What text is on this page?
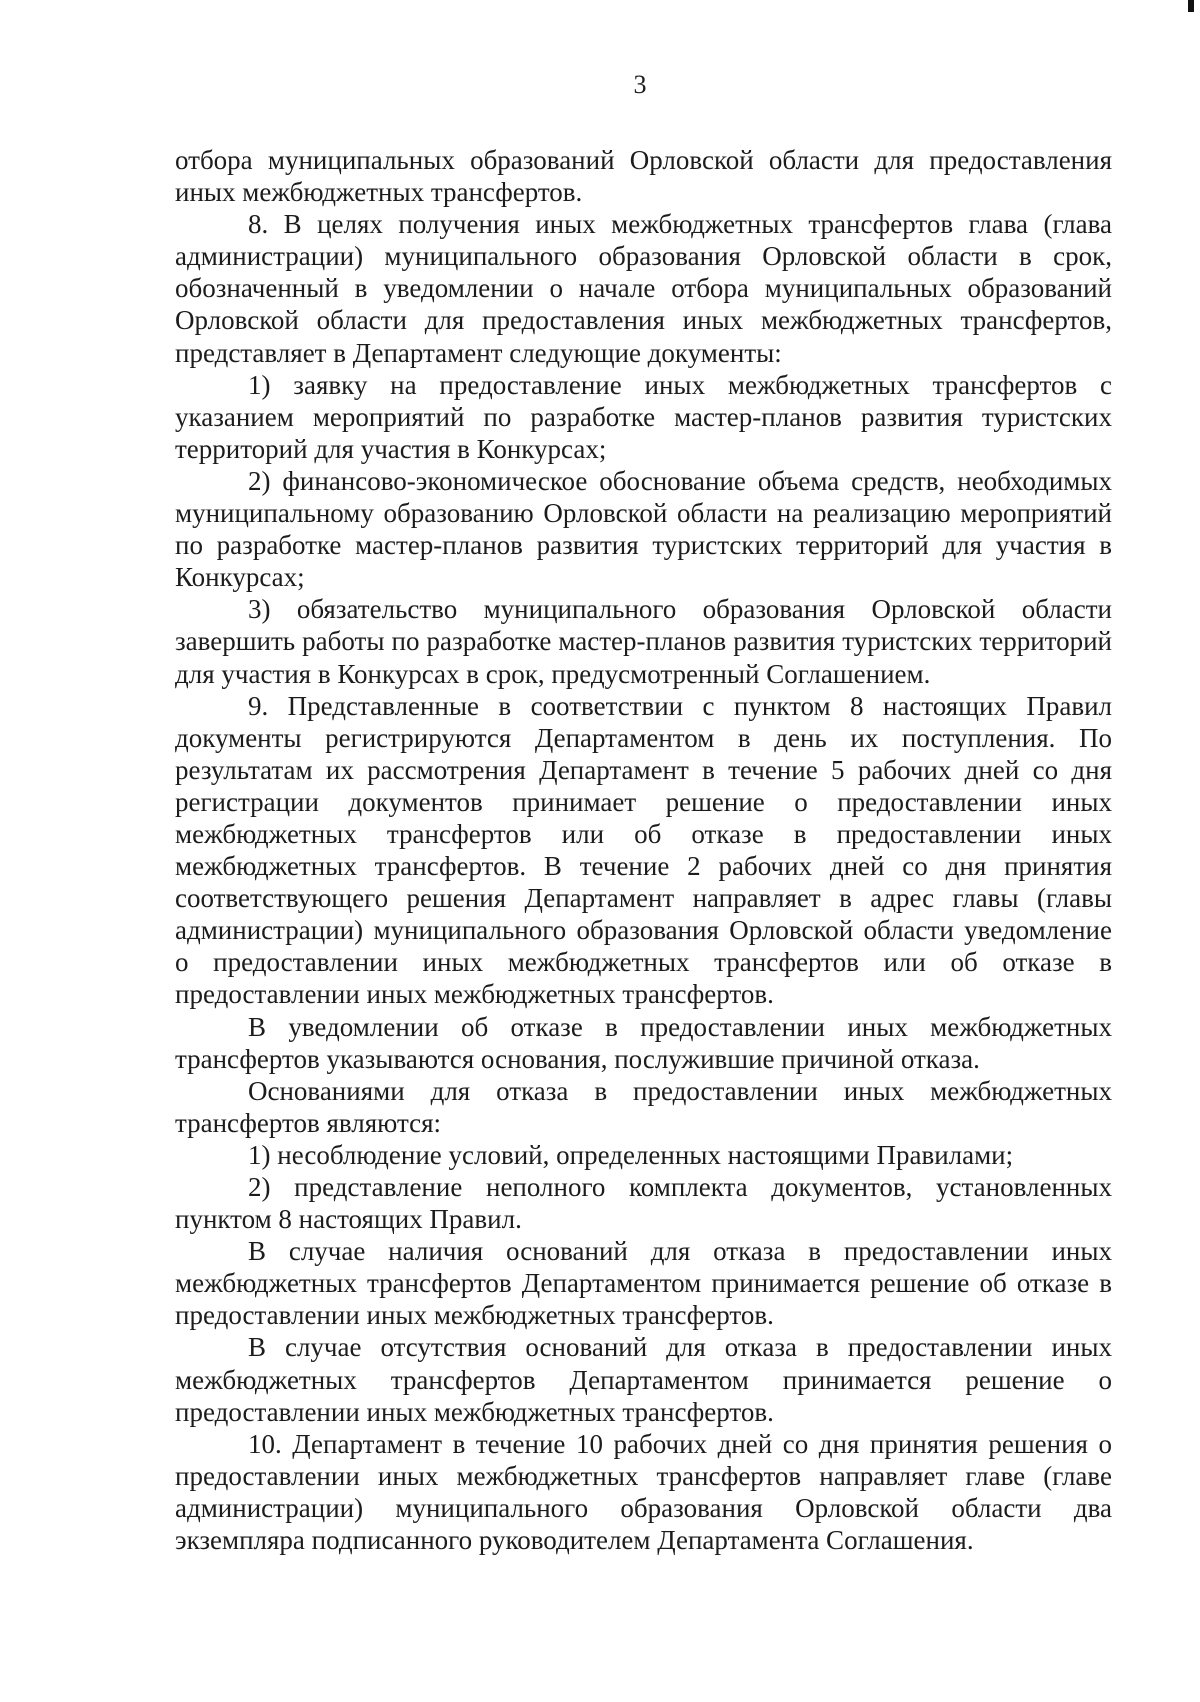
3
отбора муниципальных образований Орловской области для предоставления иных межбюджетных трансфертов.
8. В целях получения иных межбюджетных трансфертов глава (глава администрации) муниципального образования Орловской области в срок, обозначенный в уведомлении о начале отбора муниципальных образований Орловской области для предоставления иных межбюджетных трансфертов, представляет в Департамент следующие документы:
1) заявку на предоставление иных межбюджетных трансфертов с указанием мероприятий по разработке мастер-планов развития туристских территорий для участия в Конкурсах;
2) финансово-экономическое обоснование объема средств, необходимых муниципальному образованию Орловской области на реализацию мероприятий по разработке мастер-планов развития туристских территорий для участия в Конкурсах;
3) обязательство муниципального образования Орловской области завершить работы по разработке мастер-планов развития туристских территорий для участия в Конкурсах в срок, предусмотренный Соглашением.
9. Представленные в соответствии с пунктом 8 настоящих Правил документы регистрируются Департаментом в день их поступления. По результатам их рассмотрения Департамент в течение 5 рабочих дней со дня регистрации документов принимает решение о предоставлении иных межбюджетных трансфертов или об отказе в предоставлении иных межбюджетных трансфертов. В течение 2 рабочих дней со дня принятия соответствующего решения Департамент направляет в адрес главы (главы администрации) муниципального образования Орловской области уведомление о предоставлении иных межбюджетных трансфертов или об отказе в предоставлении иных межбюджетных трансфертов.
В уведомлении об отказе в предоставлении иных межбюджетных трансфертов указываются основания, послужившие причиной отказа.
Основаниями для отказа в предоставлении иных межбюджетных трансфертов являются:
1) несоблюдение условий, определенных настоящими Правилами;
2) представление неполного комплекта документов, установленных пунктом 8 настоящих Правил.
В случае наличия оснований для отказа в предоставлении иных межбюджетных трансфертов Департаментом принимается решение об отказе в предоставлении иных межбюджетных трансфертов.
В случае отсутствия оснований для отказа в предоставлении иных межбюджетных трансфертов Департаментом принимается решение о предоставлении иных межбюджетных трансфертов.
10. Департамент в течение 10 рабочих дней со дня принятия решения о предоставлении иных межбюджетных трансфертов направляет главе (главе администрации) муниципального образования Орловской области два экземпляра подписанного руководителем Департамента Соглашения.
